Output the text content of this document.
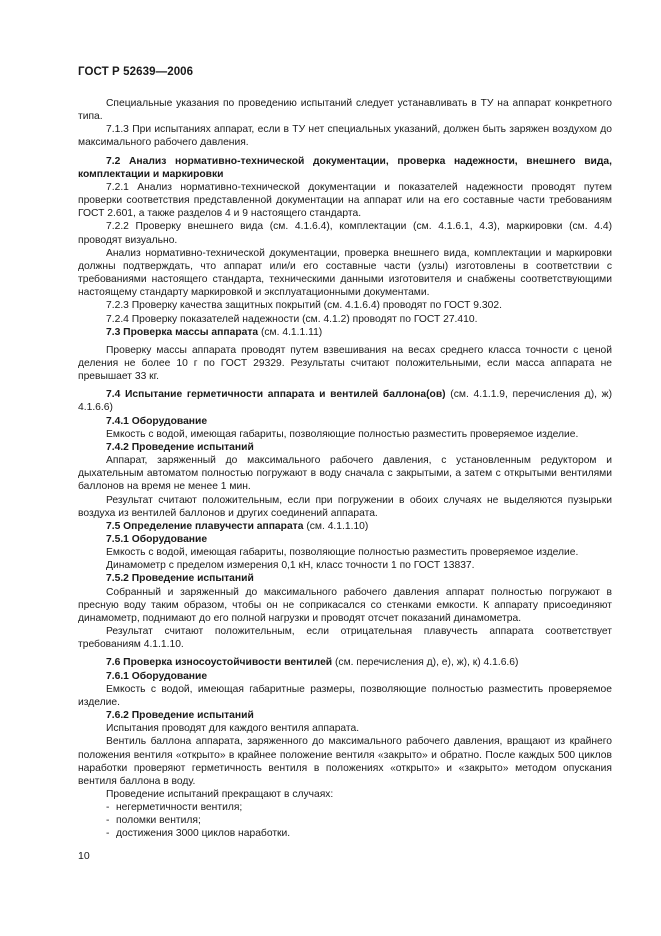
ГОСТ Р 52639—2006

Специальные указания по проведению испытаний следует устанавливать в ТУ на аппарат конкретного типа.

7.1.3 При испытаниях аппарат, если в ТУ нет специальных указаний, должен быть заряжен воздухом до максимального рабочего давления.

7.2 Анализ нормативно-технической документации, проверка надежности, внешнего вида, комплектации и маркировки

7.2.1 Анализ нормативно-технической документации и показателей надежности проводят путем проверки соответствия представленной документации на аппарат или на его составные части требованиям ГОСТ 2.601, а также разделов 4 и 9 настоящего стандарта.

7.2.2 Проверку внешнего вида (см. 4.1.6.4), комплектации (см. 4.1.6.1, 4.3), маркировки (см. 4.4) проводят визуально.

Анализ нормативно-технической документации, проверка внешнего вида, комплектации и маркировки должны подтверждать, что аппарат или/и его составные части (узлы) изготовлены в соответствии с требованиями настоящего стандарта, техническими данными изготовителя и снабжены соответствующими настоящему стандарту маркировкой и эксплуатационными документами.

7.2.3 Проверку качества защитных покрытий (см. 4.1.6.4) проводят по ГОСТ 9.302.

7.2.4 Проверку показателей надежности (см. 4.1.2) проводят по ГОСТ 27.410.

7.3 Проверка массы аппарата (см. 4.1.1.11)

Проверку массы аппарата проводят путем взвешивания на весах среднего класса точности с ценой деления не более 10 г по ГОСТ 29329. Результаты считают положительными, если масса аппарата не превышает 33 кг.

7.4 Испытание герметичности аппарата и вентилей баллона(ов) (см. 4.1.1.9, перечисления д), ж) 4.1.6.6)

7.4.1 Оборудование

Емкость с водой, имеющая габариты, позволяющие полностью разместить проверяемое изделие.

7.4.2 Проведение испытаний

Аппарат, заряженный до максимального рабочего давления, с установленным редуктором и дыхательным автоматом полностью погружают в воду сначала с закрытыми, а затем с открытыми вентилями баллонов на время не менее 1 мин.

Результат считают положительным, если при погружении в обоих случаях не выделяются пузырьки воздуха из вентилей баллонов и других соединений аппарата.

7.5 Определение плавучести аппарата (см. 4.1.1.10)

7.5.1 Оборудование

Емкость с водой, имеющая габариты, позволяющие полностью разместить проверяемое изделие.

Динамометр с пределом измерения 0,1 кН, класс точности 1 по ГОСТ 13837.

7.5.2 Проведение испытаний

Собранный и заряженный до максимального рабочего давления аппарат полностью погружают в пресную воду таким образом, чтобы он не соприкасался со стенками емкости. К аппарату присоединяют динамометр, поднимают до его полной нагрузки и проводят отсчет показаний динамометра.

Результат считают положительным, если отрицательная плавучесть аппарата соответствует требованиям 4.1.1.10.

7.6 Проверка износоустойчивости вентилей (см. перечисления д), е), ж), к) 4.1.6.6)

7.6.1 Оборудование

Емкость с водой, имеющая габаритные размеры, позволяющие полностью разместить проверяемое изделие.

7.6.2 Проведение испытаний

Испытания проводят для каждого вентиля аппарата.

Вентиль баллона аппарата, заряженного до максимального рабочего давления, вращают из крайнего положения вентиля «открыто» в крайнее положение вентиля «закрыто» и обратно. После каждых 500 циклов наработки проверяют герметичность вентиля в положениях «открыто» и «закрыто» методом опускания вентиля баллона в воду.

Проведение испытаний прекращают в случаях:

- негерметичности вентиля;
- поломки вентиля;
- достижения 3000 циклов наработки.
10
